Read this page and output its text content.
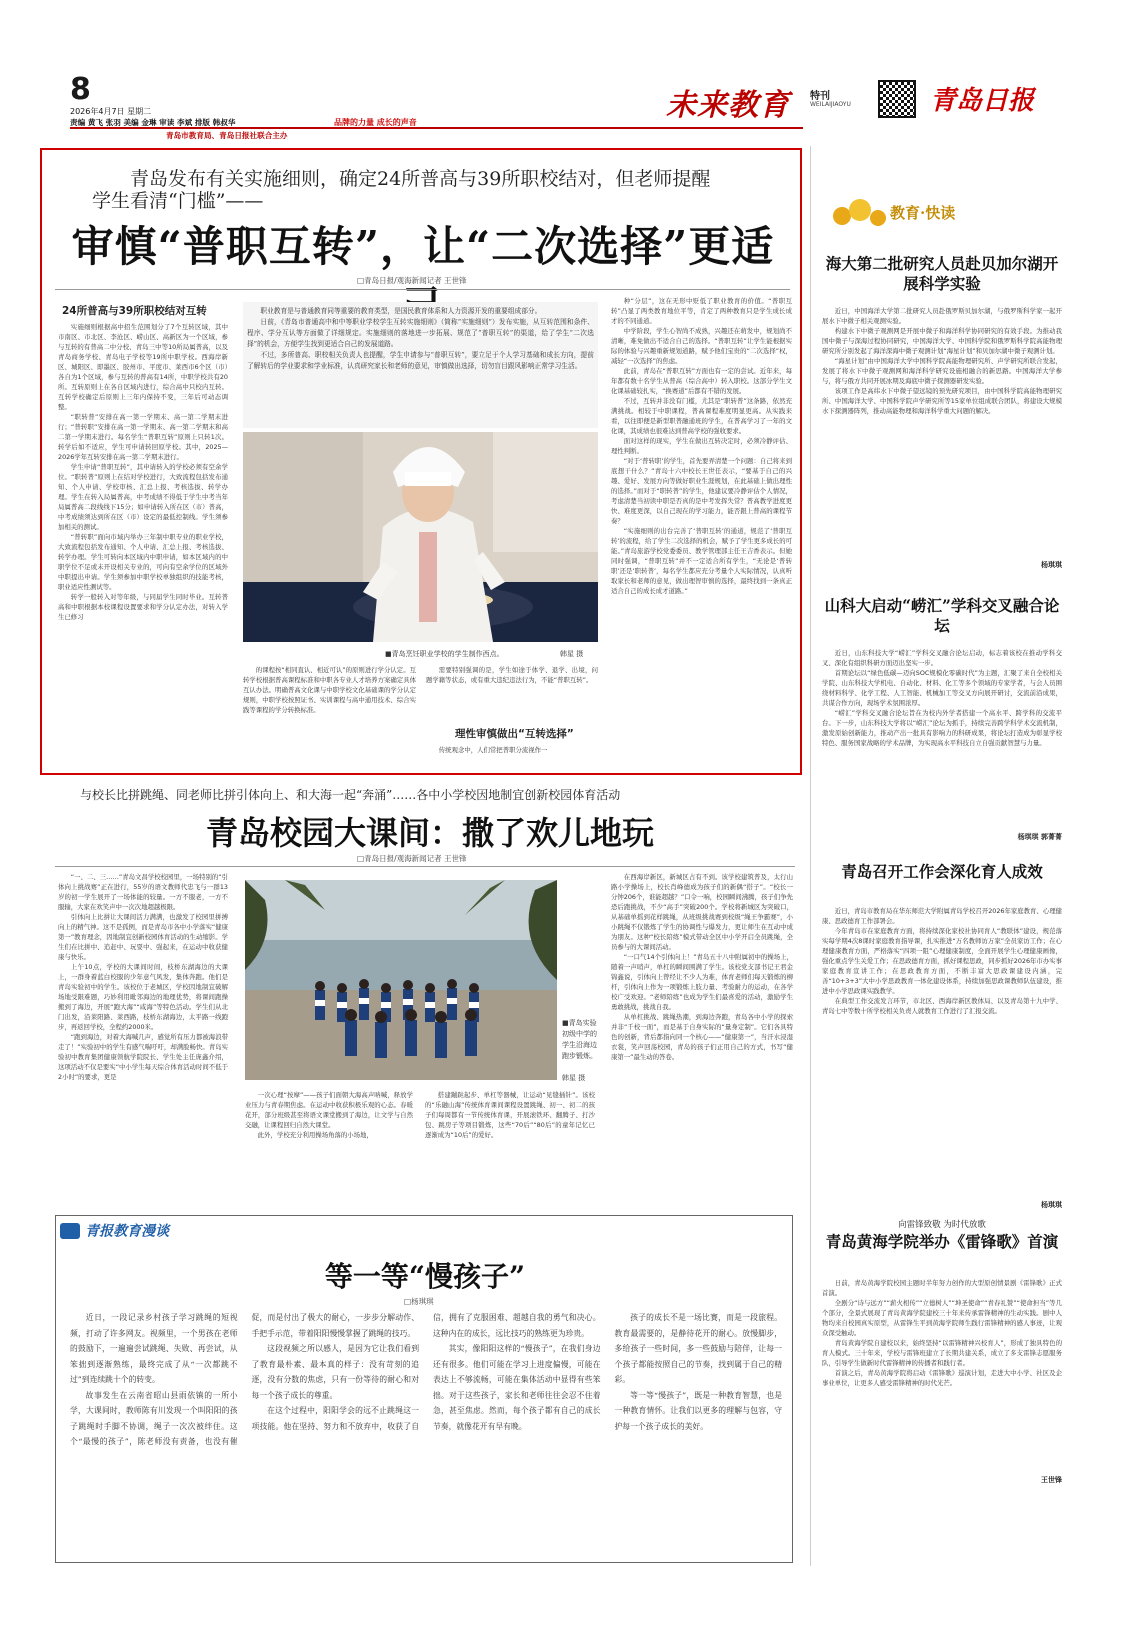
8
2026年4月7日 星期二
责编 黄飞 张羽 美编 金琳 审读 李斌 排版 韩叔华	品牌的力量 成长的声音
青岛市教育局、青岛日报社联合主办
未来教育 特刊
WEILAIJIAOYU	青岛日报
青岛发布有关实施细则，确定24所普高与39所职校结对，但老师提醒
学生看清“门槛”——
审慎“普职互转”，让“二次选择”更适
□青岛日报/观海新闻记者 王世锋
24所普高与39所职校结对互转

实施细则根据高中招生范围划分了7个互转区域，其中市南区、市北区、李沧区、崂山区、高新区为一个区域，参与互转的有普高二中分校、青岛三中等10所局属普高，以及青岛商务学校、青岛电子学校等19所中职学校。西海岸新区、城阳区、即墨区、胶州市、平度市、莱西市6个区（市）各自为1个区域，参与互转的普高有14所，中职学校共有20所。互转原则上在各自区域内进行，综合高中只校内互转。互转学校确定后原则上三年内保持不变，三年后可动态调整。

“职转普”安排在高一第一学期末、高一第二学期末进行；“普转职”安排在高一第一学期末、高一第二学期末和高二第一学期末进行。每名学生“普职互转”原则上只转1次。转学后如不适应，学生可申请转回原学校。其中，2025—2026学年互转安排在高一第二学期末进行。

学生申请“普职互转”，其申请转入的学校必须有空余学位。“职转普”原则上在结对学校进行，大致流程包括发布通知、个人申请、学校审核、汇总上报、考核选拔、转学办理。学生在转入局属普高，中考成绩不得低于学生中考当年局属普高二段线线下15分；如申请转入所在区（市）普高，中考成绩须达到所在区（市）设定的最低控制线。学生须参加相关的测试。

“普转职”面向市域内举办三年制中职专业的职业学校，大致流程包括发布通知、个人申请、汇总上报、考核选拔、转学办理。学生可转向本区域内中职申请，如本区域内的中职学位不足或未开设相关专业的，可向有空余学位的区域外中职提出申请。学生须参加中职学校单独组织的技能考核，职业适应性测试等。

转学一般转入对等年级，与同届学生同时毕业。互转普高和中职根据本校课程设置要求和学分认定办法，对转入学生已修习

职业教育是与普通教育同等重要的教育类型，是国民教育体系和人力资源开发的重要组成部分。

日前，《青岛市普通高中和中等职业学校学生互转实施细则》（简称“实施细则”）发布实施，从互转范围和条件、程序、学分互认等方面做了详细规定。实施细则的落地进一步拓展、规范了“普职互转”的渠道，给了学生“二次选择”的机会，方便学生找到更适合自己的发展道路。

不过，多所普高、职校相关负责人也提醒，学生申请参与“普职互转”，要立足于个人学习基础和成长方向，提前了解转后的学业要求和学业标准，认真研究家长和老师的意见，审慎做出选择，切勿盲目跟风影响正常学习生活。

■青岛烹饪职业学校的学生制作西点。	韩星 摄

的课程按“相同直认、相近可认”的原则进行学分认定。互转学校根据普高课程标准和中职各专业人才培养方案确定具体互认办法。明确普高文化课与中职学校文化基础课的学分认定规则，中职学校按照证书、实训课程与高中通用技术、综合实践等课程的学分转换标准。

需要特别强调的是，学生如途于体学、退学、出境，问题学籍等状态，或有重大违纪违法行为，不能“普职互转”。

理性审慎做出“互转选择”

传统观念中，人们常把普职分流视作一

种“分层”，这在无形中贬低了职业教育的价值。“普职互转”凸显了两类教育地位平等，肯定了两种教育只是学生成长成才的不同通道。

中学阶段，学生心智尚不成熟，兴趣还在萌发中，规划尚不清晰，难免做出不适合自己的选择。“普职互转”让学生能根据实际的体验与兴趣重新规划道路，赋予他们宝贵的“二次选择”权，减轻“一次选择”的焦虑。

此前，青岛在“普职互转”方面也有一定的尝试。近年来，每年都有数十名学生从普高（综合高中）转入职校。这部分学生文化课基础较扎实，“换赛道”后都有不错的发展。

不过，互转并非没有门槛，尤其是“职转普”这条路，依然充满挑战。相较于中职课程，普高课程难度明显更高。从实践来看，以往即便是新型职普融通班的学生，在普高学习了一年的文化课，其成绩也很难达到普高学校的强收要求。

面对这样的现实，学生在做出互转决定时，必须冷静评估、理性判断。

“对于‘普转职’的学生，首先要弄清楚一个问题：自己将来到底想干什么？”青岛十六中校长王世任表示，“要基于自己的兴趣、爱好、发展方向等做好职业生涯规划，在此基础上做出理性的选择。”而对于“职转普”的学生，他建议要冷静评估个人情况，考虑清楚当初读中职是否真的是中考发挥失常？普高教学进度更快、难度更深，以自己现在的学习能力，能否跟上普高的课程节奏？

“实施细则的出台完善了‘普职互转’的通道，规范了‘普职互转’的流程，给了学生二次选择的机会，赋予了学生更多成长的可能。”青岛旅游学校党委委员、教学管理部主任王吉香表示。但她同时强调，“普职互转”并不一定适合所有学生，“无论是‘普转职’还是‘职转普’，每名学生都应充分考量个人实际情况，认真听取家长和老师的意见，做出理智审慎的选择，最终找到一条真正适合自己的成长成才道路。”

与校长比拼跳绳、同老师比拼引体向上、和大海一起“奔涌”……各中小学校因地制宜创新校园体育活动
青岛校园大课间：撒了欢儿地玩
□青岛日报/观海新闻记者 王世锋

“一、二、三……”青岛文昌学校校园里，一场特别的“引体向上挑战赛”正在进行，55岁的语文教师代忠飞与一群13岁的初一学生展开了一场体能的较量。一方不服老，一方不服输，大家在欢笑声中一次次地超越极限。

引体向上比拼让大课间活力满满，也激发了校园里拼搏向上的精气神。这不是孤例，而是青岛市各中小学落实“健康第一”教育理念，因地制宜创新校园体育活动的生动缩影。学生们在比拼中、追赶中、玩耍中、强起来，在运动中收获健康与快乐。

上午10点，学校的大课间时间，枝桥东湖海边的大课上，一群身着蓝白校服的少年意气风发，集体奔跑。他们是青岛实验初中的学生。该校位于老城区，学校因地制宜破解场地受限难题，巧妙利用毗邻海边的地理优势，将课间跑操搬到了海边，开展“跑大海”“咸海”等特色活动。学生们从北门出发，沿莱阳路、莱西路，枝桥东湖海边，太平路一线跑步，再返回学校，全程约2000米。

“跑到海边，对着大海喊几声，感觉所有压力都被海浪带走了！”实验初中的学生有感气喘吁吁，却满脸畅快。青岛实验初中教育集团健康领航学院院长、学生处主任庞鑫介绍，这项活动不仅是要实“中小学生每天综合体育活动时间不低于2小时”的要求，更是

■青岛实验初级中学的学生沿海边跑步锻炼。
韩星 摄

一次心理“按摩”——孩子们面朝大海高声呐喊，释放学业压力与青春期焦虑。在运动中收获积极乐观的心态。春暖花开，部分班级甚至将语文课堂搬到了海边，让文学与自然交融，让课程回归自然大课堂。

此外，学校充分利用操场角落的小场地，

搭建蹦跶起步、单杠等器械，让运动“见缝插针”。该校的“乐融山海”传统体育课间课程设置跳绳、初一、初二的孩子们每周都有一节传统体育课，开展滚铁环、翻腾子、打沙包、跳房子等项目锻炼，这些“70后”“80后”的童年记忆已逐渐成为“10后”的爱好。

在西海岸新区，新城区占有不到。该学校建筑普及，太行山路小学操场上，校长肖峰德成为孩子们的新偶“搭子”。“校长一分钟206个，谁能超越？”口令一响，校园瞬间沸腾，孩子们争先恐后跑挑战，不少“高手”突破200个。学校将新城区为突破口，从基础单摇到花样跳绳，从班级挑战赛到校级“绳王争霸赛”，小小跳绳不仅锻炼了学生的协调性与爆发力，更让师生在互动中成为朋友。这种“校长陪练”模式带动全区中小学开启全员跳绳，全员参与的大课间活动。

“一口气14个引体向上！”青岛五十八中附属初中的操场上，随着一声哨声，单杠的瞬间围满了学生。该校党支部书记王君金锦鑫说，引体向上曾经让不少人为难，体育老师们每天锻炼的柳杆，引体向上作为一项锻炼上肢力量、考验耐力的运动，在各学校广受欢迎。“老师陪练”也成为学生们最喜爱的活动，激励学生勇敢挑战，挑战自我。

从单杠挑战、跳绳热潮，到海边奔跑，青岛各中小学的探索并非“千校一面”，而是基于自身实际的“量身定制”。它们各具特色的创新，背后都指向同一个核心——“健康第一”，当汗水浸湿衣裳，笑声回荡校园，青岛的孩子们正用自己的方式，书写“健康第一”最生动的答卷。

青报教育漫谈
等一等“慢孩子”
□杨琪琪

近日，一段记录乡村孩子学习跳绳的短视频，打动了许多网友。视频里，一个男孩在老师的鼓励下，一遍遍尝试跳绳、失败、再尝试，从笨拙到逐渐熟练，最终完成了从“一次都跳不过”到连续跳十个的转变。

故事发生在云南省昭山县雨依镇的一所小学，大课间时，教师陈有川发现一个叫阳阳的孩子跳绳时手脚不协调，绳子一次次被绊住。这个“最慢的孩子”，陈老师没有责备，也没有催促，而是付出了极大的耐心，一步步分解动作、手把手示范，带着阳阳慢慢掌握了跳绳的技巧。

这段视频之所以感人，是因为它让我们看到了教育最朴素、最本真的样子：没有苛刻的追逐，没有分数的焦虑，只有一份等待的耐心和对每一个孩子成长的尊重。

在这个过程中，阳阳学会的远不止跳绳这一项技能。他在坚持、努力和不放弃中，收获了自信，拥有了克服困难、超越自我的勇气和决心。这种内在的成长，远比技巧的熟练更为珍贵。

其实，像阳阳这样的“慢孩子”，在我们身边还有很多。他们可能在学习上进度偏慢，可能在表达上不够流畅，可能在集体活动中显得有些笨拙。对于这些孩子，家长和老师往往会忍不住着急，甚至焦虑。然而，每个孩子都有自己的成长节奏，就像花开有早有晚。

孩子的成长不是一场比赛，而是一段旅程。教育最需要的，是静待花开的耐心。放慢脚步，多给孩子一些时间，多一些鼓励与陪伴，让每一个孩子都能按照自己的节奏，找到属于自己的精彩。

等一等“慢孩子”，既是一种教育智慧，也是一种教育情怀。让我们以更多的理解与包容，守护每一个孩子成长的美好。

教育·快读
海大第二批研究人员赴贝加尔湖开展科学实验

近日，中国海洋大学第二批研究人员赴俄罗斯贝加尔湖，与俄罗斯科学家一起开展水下中微子相关观测实验。

构建水下中微子观测网是开展中微子和海洋科学协同研究的有效手段。为推动我国中微子与深海过程协同研究，中国海洋大学、中国科学院和俄罗斯科学院高能物理研究所分别发起了海洋深海中微子观测计划“海星计划”和贝加尔湖中微子观测计划。

“海星计划”由中国海洋大学中国科学院高能物理研究所、声学研究所联合发起，发展了将水下中微子观测网和海洋科学研究设施相融合的新思路。中国海洋大学参与，将与俄方共同开展冰期及海底中微子探测器研发实验。

该项工作是高纬水下中微子望远镜的预先研究项目，由中国科学院高能物理研究所、中国海洋大学、中国科学院声学研究所等15家单位组成联合团队，将建设大规模水下探测器阵列，推动高能物理和海洋科学重大问题的解决。

杨琪琪
山科大启动“崂汇”学科交叉融合论坛

近日，山东科技大学“崂汇”学科交叉融合论坛启动，标志着该校在推动学科交叉、深化有组织科研方面迈出坚实一步。

首期论坛以“绿色低碳—迈向SOC规模化零碳时代”为主题，汇聚了来自全校相关学院、山东科技大学机电、自动化、材料、化工等多个领域的专家学者，与会人员围绕材料科学、化学工程、人工智能、机械加工等交叉方向展开研讨，交流前沿成果，共谋合作方向，现场学术氛围浓厚。

“崂汇”学科交叉融合论坛旨在为校内外学者搭建一个高水平、跨学科的交流平台。下一步，山东科技大学将以“崂汇”论坛为抓手，持续完善跨学科学术交流机制，激发原始创新能力，推动产出一批具有影响力的科研成果，将论坛打造成为彰显学校特色、服务国家战略的学术品牌，为实现高水平科技自立自强贡献智慧与力量。

杨琪琪 郭菁菁
青岛召开工作会深化育人成效

近日，青岛市教育局在华东师范大学附属青岛学校召开2026年家庭教育、心理健康、思政德育工作部署会。

今年青岛市在家庭教育方面，将持续深化家校社协同育人“教联体”建设，规范落实每学期4次8课时家庭教育指导课，扎实推进“万名教师访万家”全员家访工作；在心理健康教育方面，严格落实“四项一阻”心理健康制度，全面开展学生心理健康画像，强化重点学生关爱工作；在思政德育方面，抓好课程思政，同步抓好2026年市办实事家庭教育宣讲工作；在思政教育方面，不断丰富大思政课建设内涵，完善“10+3+3”大中小学思政教育一体化建设体系，持续加强思政课教师队伍建设，推进中小学思政课实践教学。

在典型工作交流发言环节，市北区、西海岸新区教体局、以及青岛第十九中学、青岛七中等数十所学校相关负责人就教育工作进行了汇报交流。

杨琪琪
向雷锋致敬 为时代放歌
青岛黄海学院举办《雷锋歌》首演

日前，青岛黄海学院校园主题时半年努力创作的大型原创情景剧《雷锋歌》正式首演。

全剧分“诗与远方”“薪火相传”“立德树人”“坤圣使命”“青春礼赞”“使命担当”等几个部分，全景式展现了青岛黄海学院建校三十年来传承雷锋精神的生动实践。剧中人物均来自校园真实原型，从雷锋生平到黄海学院师生践行雷锋精神的感人事迹，让观众深受触动。

青岛黄海学院自建校以来，始终坚持“以雷锋精神兴校育人”，形成了独具特色的育人模式。三十年来，学校与雷锋班建立了长期共建关系，成立了多支雷锋志愿服务队，引导学生做新时代雷锋精神的传播者和践行者。

首演之后，青岛黄海学院将启动《雷锋歌》巡演计划，走进大中小学、社区及企事业单位，让更多人感受雷锋精神的时代光芒。

王世锋
